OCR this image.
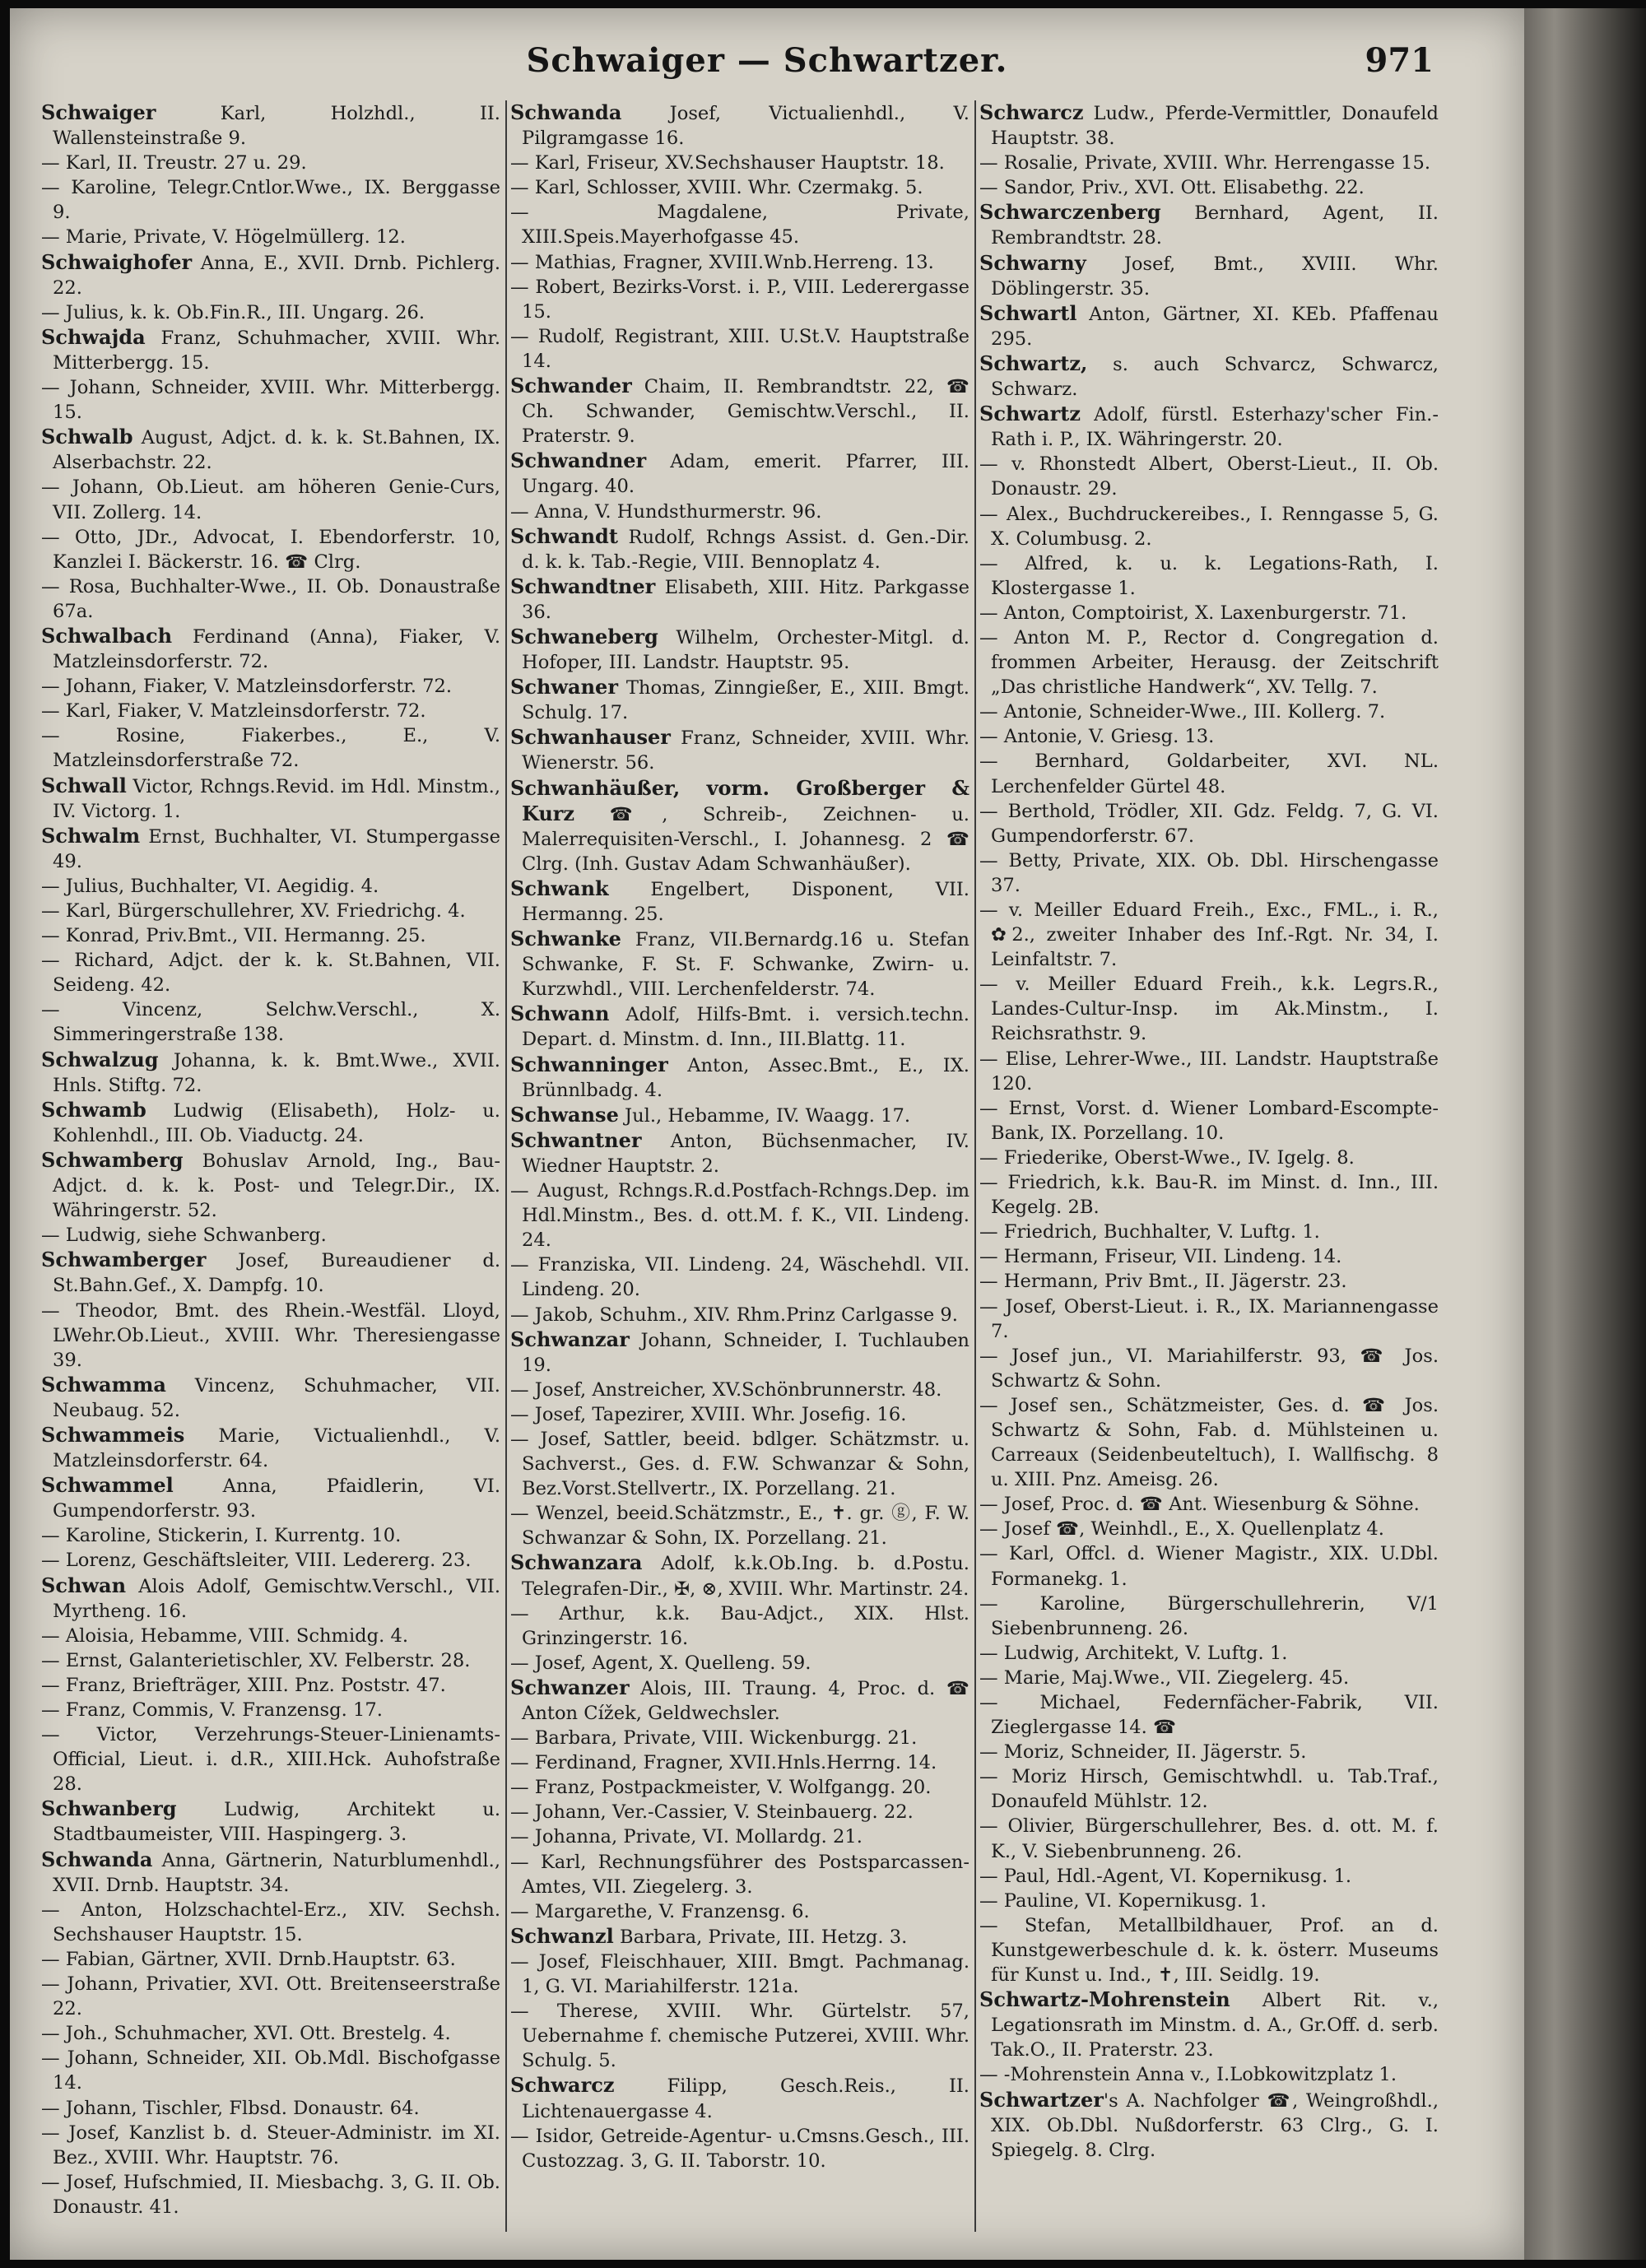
Schwaiger — Schwartzer.	971
Schwaiger Karl, Holzhdl., II. Wallensteinstraße 9.
— Karl, II. Treustr. 27 u. 29.
— Karoline, Telegr.Cntlor.Wwe., IX. Berggasse 9.
— Marie, Private, V. Högelmüllerg. 12.
Schwaighofer Anna, E., XVII. Drnb. Pichlerg. 22.
— Julius, k. k. Ob.Fin.R., III. Ungarg. 26.
Schwajda Franz, Schuhmacher, XVIII. Whr. Mitterbergg. 15.
— Johann, Schneider, XVIII. Whr. Mitterbergg. 15.
Schwalb August, Adjct. d. k. k. St.Bahnen, IX. Alserbachstr. 22.
— Johann, Ob.Lieut. am höheren Genie-Curs, VII. Zollerg. 14.
— Otto, JDr., Advocat, I. Ebendorferstr. 10, Kanzlei I. Bäckerstr. 16. ☎ Clrg.
— Rosa, Buchhalter-Wwe., II. Ob. Donaustraße 67a.
Schwalbach Ferdinand (Anna), Fiaker, V. Matzleinsdorferstr. 72.
— Johann, Fiaker, V. Matzleinsdorferstr. 72.
— Karl, Fiaker, V. Matzleinsdorferstr. 72.
— Rosine, Fiakerbes., E., V. Matzleinsdorferstraße 72.
Schwall Victor, Rchngs.Revid. im Hdl. Minstm., IV. Victorg. 1.
Schwalm Ernst, Buchhalter, VI. Stumpergasse 49.
— Julius, Buchhalter, VI. Aegidig. 4.
— Karl, Bürgerschullehrer, XV. Friedrichg. 4.
— Konrad, Priv.Bmt., VII. Hermanng. 25.
— Richard, Adjct. der k. k. St.Bahnen, VII. Seideng. 42.
— Vincenz, Selchw.Verschl., X. Simmeringerstraße 138.
Schwalzug Johanna, k. k. Bmt.Wwe., XVII. Hnls. Stiftg. 72.
Schwamb Ludwig (Elisabeth), Holz- u. Kohlenhdl., III. Ob. Viaductg. 24.
Schwamberg Bohuslav Arnold, Ing., Bau-Adjct. d. k. k. Post- und Telegr.Dir., IX. Währingerstr. 52.
— Ludwig, siehe Schwanberg.
Schwamberger Josef, Bureaudiener d. St.Bahn.Gef., X. Dampfg. 10.
— Theodor, Bmt. des Rhein.-Westfäl. Lloyd, LWehr.Ob.Lieut., XVIII. Whr. Theresiengasse 39.
Schwamma Vincenz, Schuhmacher, VII. Neubaug. 52.
Schwammeis Marie, Victualienhdl., V. Matzleinsdorferstr. 64.
Schwammel Anna, Pfaidlerin, VI. Gumpendorferstr. 93.
— Karoline, Stickerin, I. Kurrentg. 10.
— Lorenz, Geschäftsleiter, VIII. Ledererg. 23.
Schwan Alois Adolf, Gemischtw.Verschl., VII. Myrtheng. 16.
— Aloisia, Hebamme, VIII. Schmidg. 4.
— Ernst, Galanterietischler, XV. Felberstr. 28.
— Franz, Briefträger, XIII. Pnz. Poststr. 47.
— Franz, Commis, V. Franzensg. 17.
— Victor, Verzehrungs-Steuer-Linienamts-Official, Lieut. i. d.R., XIII.Hck. Auhofstraße 28.
Schwanberg Ludwig, Architekt u. Stadtbaumeister, VIII. Haspingerg. 3.
Schwanda Anna, Gärtnerin, Naturblumenhdl., XVII. Drnb. Hauptstr. 34.
— Anton, Holzschachtel-Erz., XIV. Sechsh. Sechshauser Hauptstr. 15.
— Fabian, Gärtner, XVII. Drnb.Hauptstr. 63.
— Johann, Privatier, XVI. Ott. Breitenseerstraße 22.
— Joh., Schuhmacher, XVI. Ott. Brestelg. 4.
— Johann, Schneider, XII. Ob.Mdl. Bischofgasse 14.
— Johann, Tischler, Flbsd. Donaustr. 64.
— Josef, Kanzlist b. d. Steuer-Administr. im XI. Bez., XVIII. Whr. Hauptstr. 76.
— Josef, Hufschmied, II. Miesbachg. 3, G. II. Ob. Donaustr. 41.
Schwanda Josef, Victualienhdl., V. Pilgramgasse 16.
— Karl, Friseur, XV.Sechshauser Hauptstr. 18.
— Karl, Schlosser, XVIII. Whr. Czermakg. 5.
— Magdalene, Private, XIII.Speis.Mayerhofgasse 45.
— Mathias, Fragner, XVIII.Wnb.Herreng. 13.
— Robert, Bezirks-Vorst. i. P., VIII. Lederergasse 15.
— Rudolf, Registrant, XIII. U.St.V. Hauptstraße 14.
Schwander Chaim, II. Rembrandtstr. 22, ☎ Ch. Schwander, Gemischtw.Verschl., II. Praterstr. 9.
Schwandner Adam, emerit. Pfarrer, III. Ungarg. 40.
— Anna, V. Hundsthurmerstr. 96.
Schwandt Rudolf, Rchngs Assist. d. Gen.-Dir. d. k. k. Tab.-Regie, VIII. Bennoplatz 4.
Schwandtner Elisabeth, XIII. Hitz. Parkgasse 36.
Schwaneberg Wilhelm, Orchester-Mitgl. d. Hofoper, III. Landstr. Hauptstr. 95.
Schwaner Thomas, Zinngießer, E., XIII. Bmgt. Schulg. 17.
Schwanhauser Franz, Schneider, XVIII. Whr. Wienerstr. 56.
Schwanhäußer, vorm. Großberger & Kurz ☎, Schreib-, Zeichnen- u. Malerrequisiten-Verschl., I. Johannesg. 2 ☎ Clrg. (Inh. Gustav Adam Schwanhäußer).
Schwank Engelbert, Disponent, VII. Hermanng. 25.
Schwanke Franz, VII.Bernardg.16 u. Stefan Schwanke, F. St. F. Schwanke, Zwirn- u. Kurzwhdl., VIII. Lerchenfelderstr. 74.
Schwann Adolf, Hilfs-Bmt. i. versich.techn. Depart. d. Minstm. d. Inn., III.Blattg. 11.
Schwanninger Anton, Assec.Bmt., E., IX. Brünnlbadg. 4.
Schwanse Jul., Hebamme, IV. Waagg. 17.
Schwantner Anton, Büchsenmacher, IV. Wiedner Hauptstr. 2.
— August, Rchngs.R.d.Postfach-Rchngs.Dep. im Hdl.Minstm., Bes. d. ott.M. f. K., VII. Lindeng. 24.
— Franziska, VII. Lindeng. 24, Wäschehdl. VII. Lindeng. 20.
— Jakob, Schuhm., XIV. Rhm.Prinz Carlgasse 9.
Schwanzar Johann, Schneider, I. Tuchlauben 19.
— Josef, Anstreicher, XV.Schönbrunnerstr. 48.
— Josef, Tapezirer, XVIII. Whr. Josefig. 16.
— Josef, Sattler, beeid. bdlger. Schätzmstr. u. Sachverst., Ges. d. F.W. Schwanzar & Sohn, Bez.Vorst.Stellvertr., IX. Porzellang. 21.
— Wenzel, beeid.Schätzmstr., E., ✝. gr. ⓖ, F. W. Schwanzar & Sohn, IX. Porzellang. 21.
Schwanzara Adolf, k.k.Ob.Ing. b. d.Postu. Telegrafen-Dir., ✠, ⊗, XVIII. Whr. Martinstr. 24.
— Arthur, k.k. Bau-Adjct., XIX. Hlst. Grinzingerstr. 16.
— Josef, Agent, X. Quelleng. 59.
Schwanzer Alois, III. Traung. 4, Proc. d. ☎ Anton Cížek, Geldwechsler.
— Barbara, Private, VIII. Wickenburgg. 21.
— Ferdinand, Fragner, XVII.Hnls.Herrng. 14.
— Franz, Postpackmeister, V. Wolfgangg. 20.
— Johann, Ver.-Cassier, V. Steinbauerg. 22.
— Johanna, Private, VI. Mollardg. 21.
— Karl, Rechnungsführer des Postsparcassen-Amtes, VII. Ziegelerg. 3.
— Margarethe, V. Franzensg. 6.
Schwanzl Barbara, Private, III. Hetzg. 3.
— Josef, Fleischhauer, XIII. Bmgt. Pachmanag. 1, G. VI. Mariahilferstr. 121a.
— Therese, XVIII. Whr. Gürtelstr. 57, Uebernahme f. chemische Putzerei, XVIII. Whr. Schulg. 5.
Schwarcz Filipp, Gesch.Reis., II. Lichtenauergasse 4.
— Isidor, Getreide-Agentur- u.Cmsns.Gesch., III. Custozzag. 3, G. II. Taborstr. 10.
Schwarcz Ludw., Pferde-Vermittler, Donaufeld Hauptstr. 38.
— Rosalie, Private, XVIII. Whr. Herrengasse 15.
— Sandor, Priv., XVI. Ott. Elisabethg. 22.
Schwarczenberg Bernhard, Agent, II. Rembrandtstr. 28.
Schwarny Josef, Bmt., XVIII. Whr. Döblingerstr. 35.
Schwartl Anton, Gärtner, XI. KEb. Pfaffenau 295.
Schwartz, s. auch Schvarcz, Schwarcz, Schwarz.
Schwartz Adolf, fürstl. Esterhazy'scher Fin.-Rath i. P., IX. Währingerstr. 20.
— v. Rhonstedt Albert, Oberst-Lieut., II. Ob. Donaustr. 29.
— Alex., Buchdruckereibes., I. Renngasse 5, G. X. Columbusg. 2.
— Alfred, k. u. k. Legations-Rath, I. Klostergasse 1.
— Anton, Comptoirist, X. Laxenburgerstr. 71.
— Anton M. P., Rector d. Congregation d. frommen Arbeiter, Herausg. der Zeitschrift „Das christliche Handwerk“, XV. Tellg. 7.
— Antonie, Schneider-Wwe., III. Kollerg. 7.
— Antonie, V. Griesg. 13.
— Bernhard, Goldarbeiter, XVI. NL. Lerchenfelder Gürtel 48.
— Berthold, Trödler, XII. Gdz. Feldg. 7, G. VI. Gumpendorferstr. 67.
— Betty, Private, XIX. Ob. Dbl. Hirschengasse 37.
— v. Meiller Eduard Freih., Exc., FML., i. R., ✿2., zweiter Inhaber des Inf.-Rgt. Nr. 34, I. Leinfaltstr. 7.
— v. Meiller Eduard Freih., k.k. Legrs.R., Landes-Cultur-Insp. im Ak.Minstm., I. Reichsrathstr. 9.
— Elise, Lehrer-Wwe., III. Landstr. Hauptstraße 120.
— Ernst, Vorst. d. Wiener Lombard-Escompte-Bank, IX. Porzellang. 10.
— Friederike, Oberst-Wwe., IV. Igelg. 8.
— Friedrich, k.k. Bau-R. im Minst. d. Inn., III. Kegelg. 2B.
— Friedrich, Buchhalter, V. Luftg. 1.
— Hermann, Friseur, VII. Lindeng. 14.
— Hermann, Priv Bmt., II. Jägerstr. 23.
— Josef, Oberst-Lieut. i. R., IX. Mariannengasse 7.
— Josef jun., VI. Mariahilferstr. 93, ☎ Jos. Schwartz & Sohn.
— Josef sen., Schätzmeister, Ges. d. ☎ Jos. Schwartz & Sohn, Fab. d. Mühlsteinen u. Carreaux (Seidenbeuteltuch), I. Wallfischg. 8 u. XIII. Pnz. Ameisg. 26.
— Josef, Proc. d. ☎ Ant. Wiesenburg & Söhne.
— Josef ☎, Weinhdl., E., X. Quellenplatz 4.
— Karl, Offcl. d. Wiener Magistr., XIX. U.Dbl. Formanekg. 1.
— Karoline, Bürgerschullehrerin, V/1 Siebenbrunneng. 26.
— Ludwig, Architekt, V. Luftg. 1.
— Marie, Maj.Wwe., VII. Ziegelerg. 45.
— Michael, Federnfächer-Fabrik, VII. Zieglergasse 14. ☎
— Moriz, Schneider, II. Jägerstr. 5.
— Moriz Hirsch, Gemischtwhdl. u. Tab.Traf., Donaufeld Mühlstr. 12.
— Olivier, Bürgerschullehrer, Bes. d. ott. M. f. K., V. Siebenbrunneng. 26.
— Paul, Hdl.-Agent, VI. Kopernikusg. 1.
— Pauline, VI. Kopernikusg. 1.
— Stefan, Metallbildhauer, Prof. an d. Kunstgewerbeschule d. k. k. österr. Museums für Kunst u. Ind., ✝, III. Seidlg. 19.
Schwartz-Mohrenstein Albert Rit. v., Legationsrath im Minstm. d. A., Gr.Off. d. serb. Tak.O., II. Praterstr. 23.
— -Mohrenstein Anna v., I.Lobkowitzplatz 1.
Schwartzer's A. Nachfolger ☎, Weingroßhdl., XIX. Ob.Dbl. Nußdorferstr. 63 Clrg., G. I. Spiegelg. 8. Clrg.
